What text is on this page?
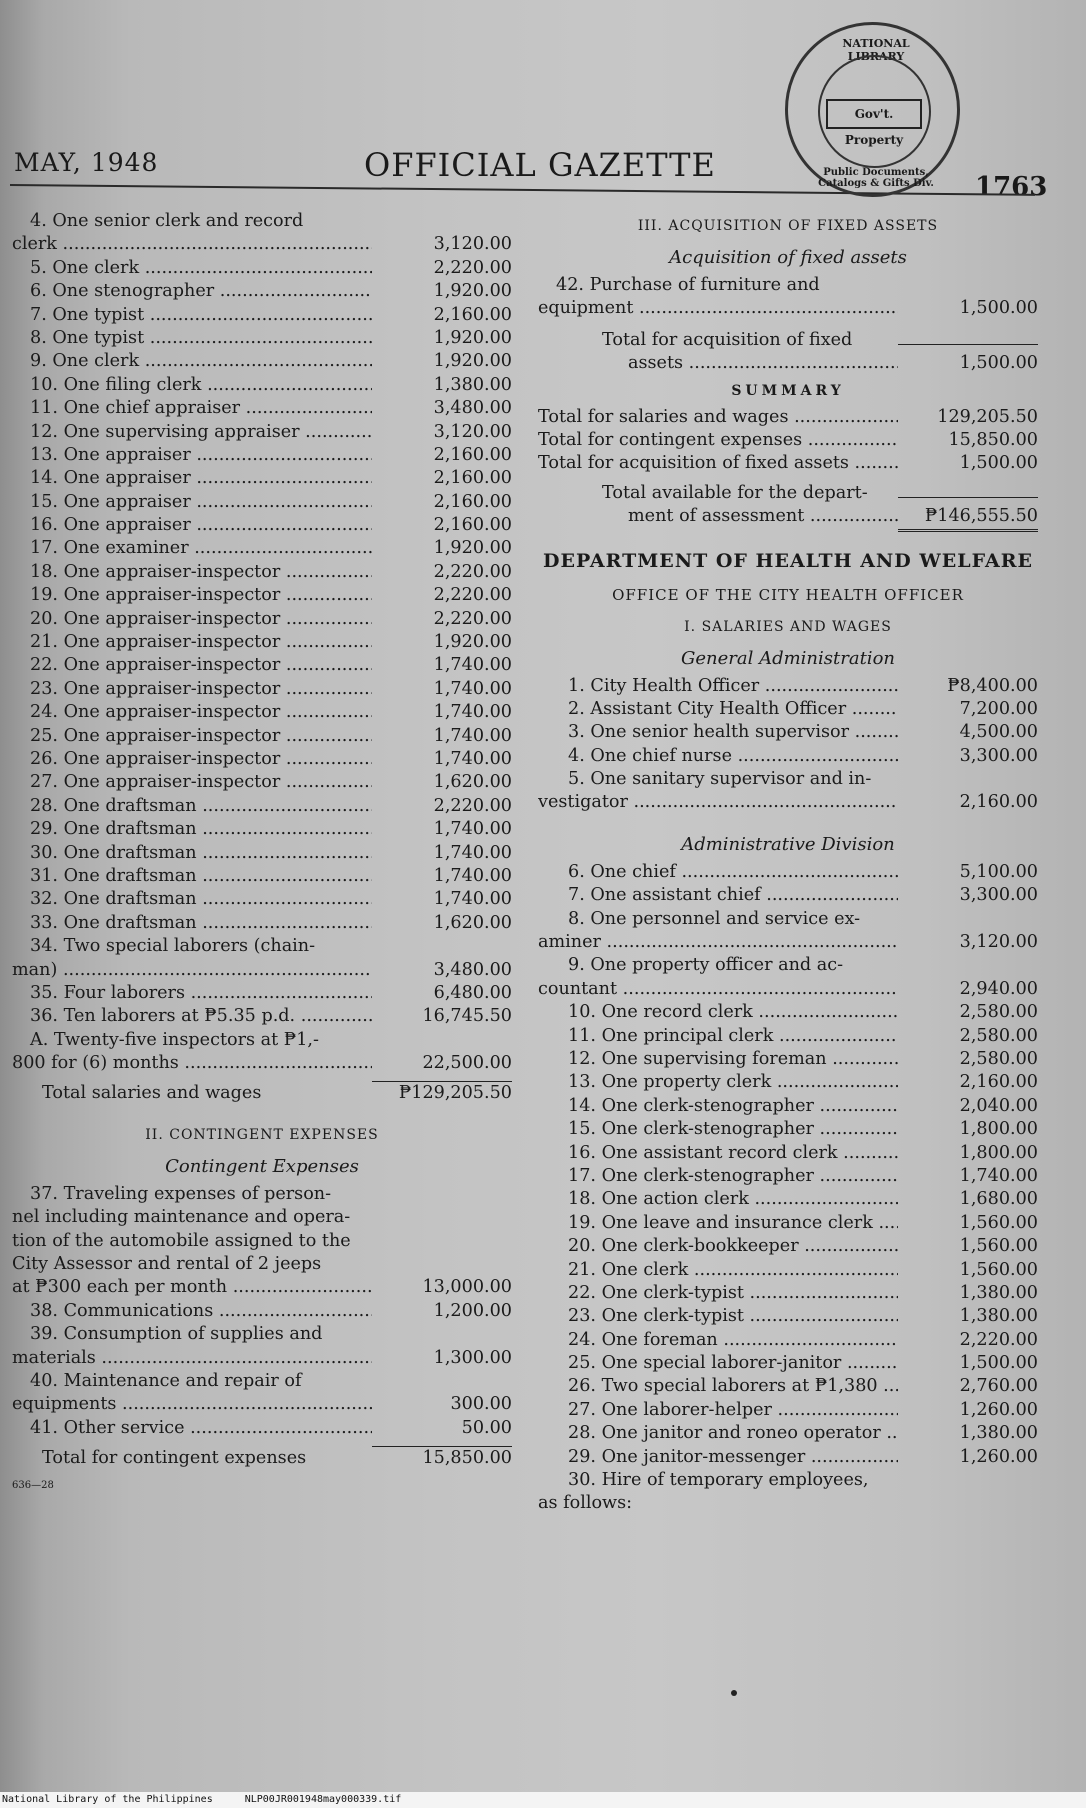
MAY, 1948	OFFICIAL GAZETTE
1763
NATIONAL LIBRARY
Gov't. Property
Public Documents, Catalogs & Gifts Div.
4. One senior clerk and record
clerk .....	3,120.00
5. One clerk .....	2,220.00
6. One stenographer .....	1,920.00
7. One typist .....	2,160.00
8. One typist .....	1,920.00
9. One clerk .....	1,920.00
10. One filing clerk .....	1,380.00
11. One chief appraiser .....	3,480.00
12. One supervising appraiser .....	3,120.00
13. One appraiser .....	2,160.00
14. One appraiser .....	2,160.00
15. One appraiser .....	2,160.00
16. One appraiser .....	2,160.00
17. One examiner .....	1,920.00
18. One appraiser-inspector .....	2,220.00
19. One appraiser-inspector .....	2,220.00
20. One appraiser-inspector .....	2,220.00
21. One appraiser-inspector .....	1,920.00
22. One appraiser-inspector .....	1,740.00
23. One appraiser-inspector .....	1,740.00
24. One appraiser-inspector .....	1,740.00
25. One appraiser-inspector .....	1,740.00
26. One appraiser-inspector .....	1,740.00
27. One appraiser-inspector .....	1,620.00
28. One draftsman .....	2,220.00
29. One draftsman .....	1,740.00
30. One draftsman .....	1,740.00
31. One draftsman .....	1,740.00
32. One draftsman .....	1,740.00
33. One draftsman .....	1,620.00
34. Two special laborers (chain-
man) .....	3,480.00
35. Four laborers .....	6,480.00
36. Ten laborers at ₱5.35 p.d. .....	16,745.50
A. Twenty-five inspectors at ₱1,-
800 for (6) months .....	22,500.00
Total salaries and wages	₱129,205.50
II. CONTINGENT EXPENSES
Contingent Expenses
37. Traveling expenses of person-
nel including maintenance and opera-
tion of the automobile assigned to the
City Assessor and rental of 2 jeeps
at ₱300 each per month .....	13,000.00
38. Communications .....	1,200.00
39. Consumption of supplies and
materials .....	1,300.00
40. Maintenance and repair of
equipments .....	300.00
41. Other service .....	50.00
Total for contingent expenses	15,850.00
636—28
III. ACQUISITION OF FIXED ASSETS
Acquisition of fixed assets
42. Purchase of furniture and
equipment .....	1,500.00
Total for acquisition of fixed
assets .....	1,500.00
SUMMARY
Total for salaries and wages .....	129,205.50
Total for contingent expenses .....	15,850.00
Total for acquisition of fixed assets .....	1,500.00
Total available for the depart-
ment of assessment .....	₱146,555.50
DEPARTMENT OF HEALTH AND WELFARE
OFFICE OF THE CITY HEALTH OFFICER
I. SALARIES AND WAGES
General Administration
1. City Health Officer .....	₱8,400.00
2. Assistant City Health Officer .....	7,200.00
3. One senior health supervisor .....	4,500.00
4. One chief nurse .....	3,300.00
5. One sanitary supervisor and in-
vestigator .....	2,160.00
Administrative Division
6. One chief .....	5,100.00
7. One assistant chief .....	3,300.00
8. One personnel and service ex-
aminer .....	3,120.00
9. One property officer and ac-
countant .....	2,940.00
10. One record clerk .....	2,580.00
11. One principal clerk .....	2,580.00
12. One supervising foreman .....	2,580.00
13. One property clerk .....	2,160.00
14. One clerk-stenographer .....	2,040.00
15. One clerk-stenographer .....	1,800.00
16. One assistant record clerk .....	1,800.00
17. One clerk-stenographer .....	1,740.00
18. One action clerk .....	1,680.00
19. One leave and insurance clerk .....	1,560.00
20. One clerk-bookkeeper .....	1,560.00
21. One clerk .....	1,560.00
22. One clerk-typist .....	1,380.00
23. One clerk-typist .....	1,380.00
24. One foreman .....	2,220.00
25. One special laborer-janitor .....	1,500.00
26. Two special laborers at ₱1,380 .....	2,760.00
27. One laborer-helper .....	1,260.00
28. One janitor and roneo operator .....	1,380.00
29. One janitor-messenger .....	1,260.00
30. Hire of temporary employees,
as follows:
National Library of the Philippines	NLP00JR001948may000339.tif
